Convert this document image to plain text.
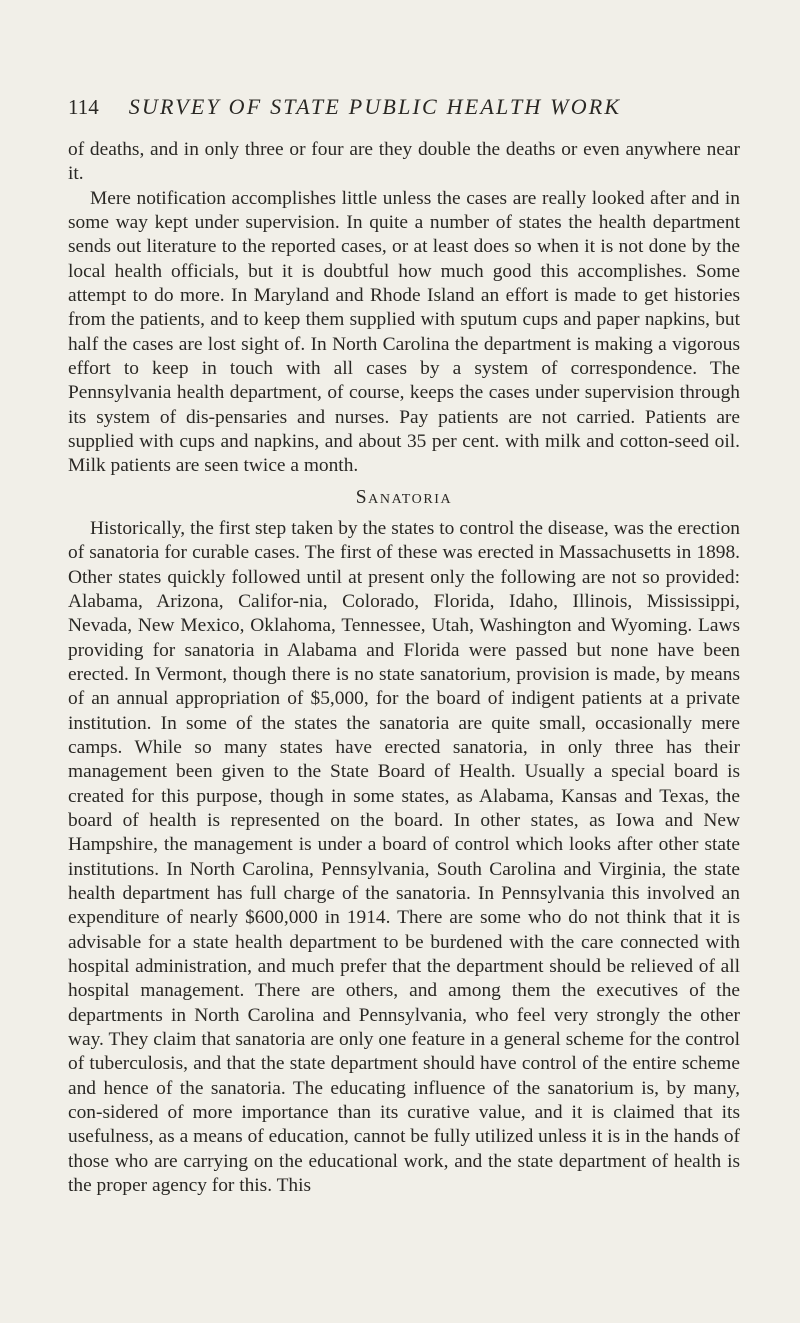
114 SURVEY OF STATE PUBLIC HEALTH WORK

of deaths, and in only three or four are they double the deaths or even anywhere near it.

Mere notification accomplishes little unless the cases are really looked after and in some way kept under supervision. In quite a number of states the health department sends out literature to the reported cases, or at least does so when it is not done by the local health officials, but it is doubtful how much good this accomplishes. Some attempt to do more. In Maryland and Rhode Island an effort is made to get histories from the patients, and to keep them supplied with sputum cups and paper napkins, but half the cases are lost sight of. In North Carolina the department is making a vigorous effort to keep in touch with all cases by a system of correspondence. The Pennsylvania health department, of course, keeps the cases under supervision through its system of dis-pensaries and nurses. Pay patients are not carried. Patients are supplied with cups and napkins, and about 35 per cent. with milk and cotton-seed oil. Milk patients are seen twice a month.

Sanatoria

Historically, the first step taken by the states to control the disease, was the erection of sanatoria for curable cases. The first of these was erected in Massachusetts in 1898. Other states quickly followed until at present only the following are not so provided: Alabama, Arizona, Califor-nia, Colorado, Florida, Idaho, Illinois, Mississippi, Nevada, New Mexico, Oklahoma, Tennessee, Utah, Washington and Wyoming. Laws providing for sanatoria in Alabama and Florida were passed but none have been erected. In Vermont, though there is no state sanatorium, provision is made, by means of an annual appropriation of $5,000, for the board of indigent patients at a private institution. In some of the states the sanatoria are quite small, occasionally mere camps. While so many states have erected sanatoria, in only three has their management been given to the State Board of Health. Usually a special board is created for this purpose, though in some states, as Alabama, Kansas and Texas, the board of health is represented on the board. In other states, as Iowa and New Hampshire, the management is under a board of control which looks after other state institutions. In North Carolina, Pennsylvania, South Carolina and Virginia, the state health department has full charge of the sanatoria. In Pennsylvania this involved an expenditure of nearly $600,000 in 1914. There are some who do not think that it is advisable for a state health department to be burdened with the care connected with hospital administration, and much prefer that the department should be relieved of all hospital management. There are others, and among them the executives of the departments in North Carolina and Pennsylvania, who feel very strongly the other way. They claim that sanatoria are only one feature in a general scheme for the control of tuberculosis, and that the state department should have control of the entire scheme and hence of the sanatoria. The educating influence of the sanatorium is, by many, con-sidered of more importance than its curative value, and it is claimed that its usefulness, as a means of education, cannot be fully utilized unless it is in the hands of those who are carrying on the educational work, and the state department of health is the proper agency for this. This
